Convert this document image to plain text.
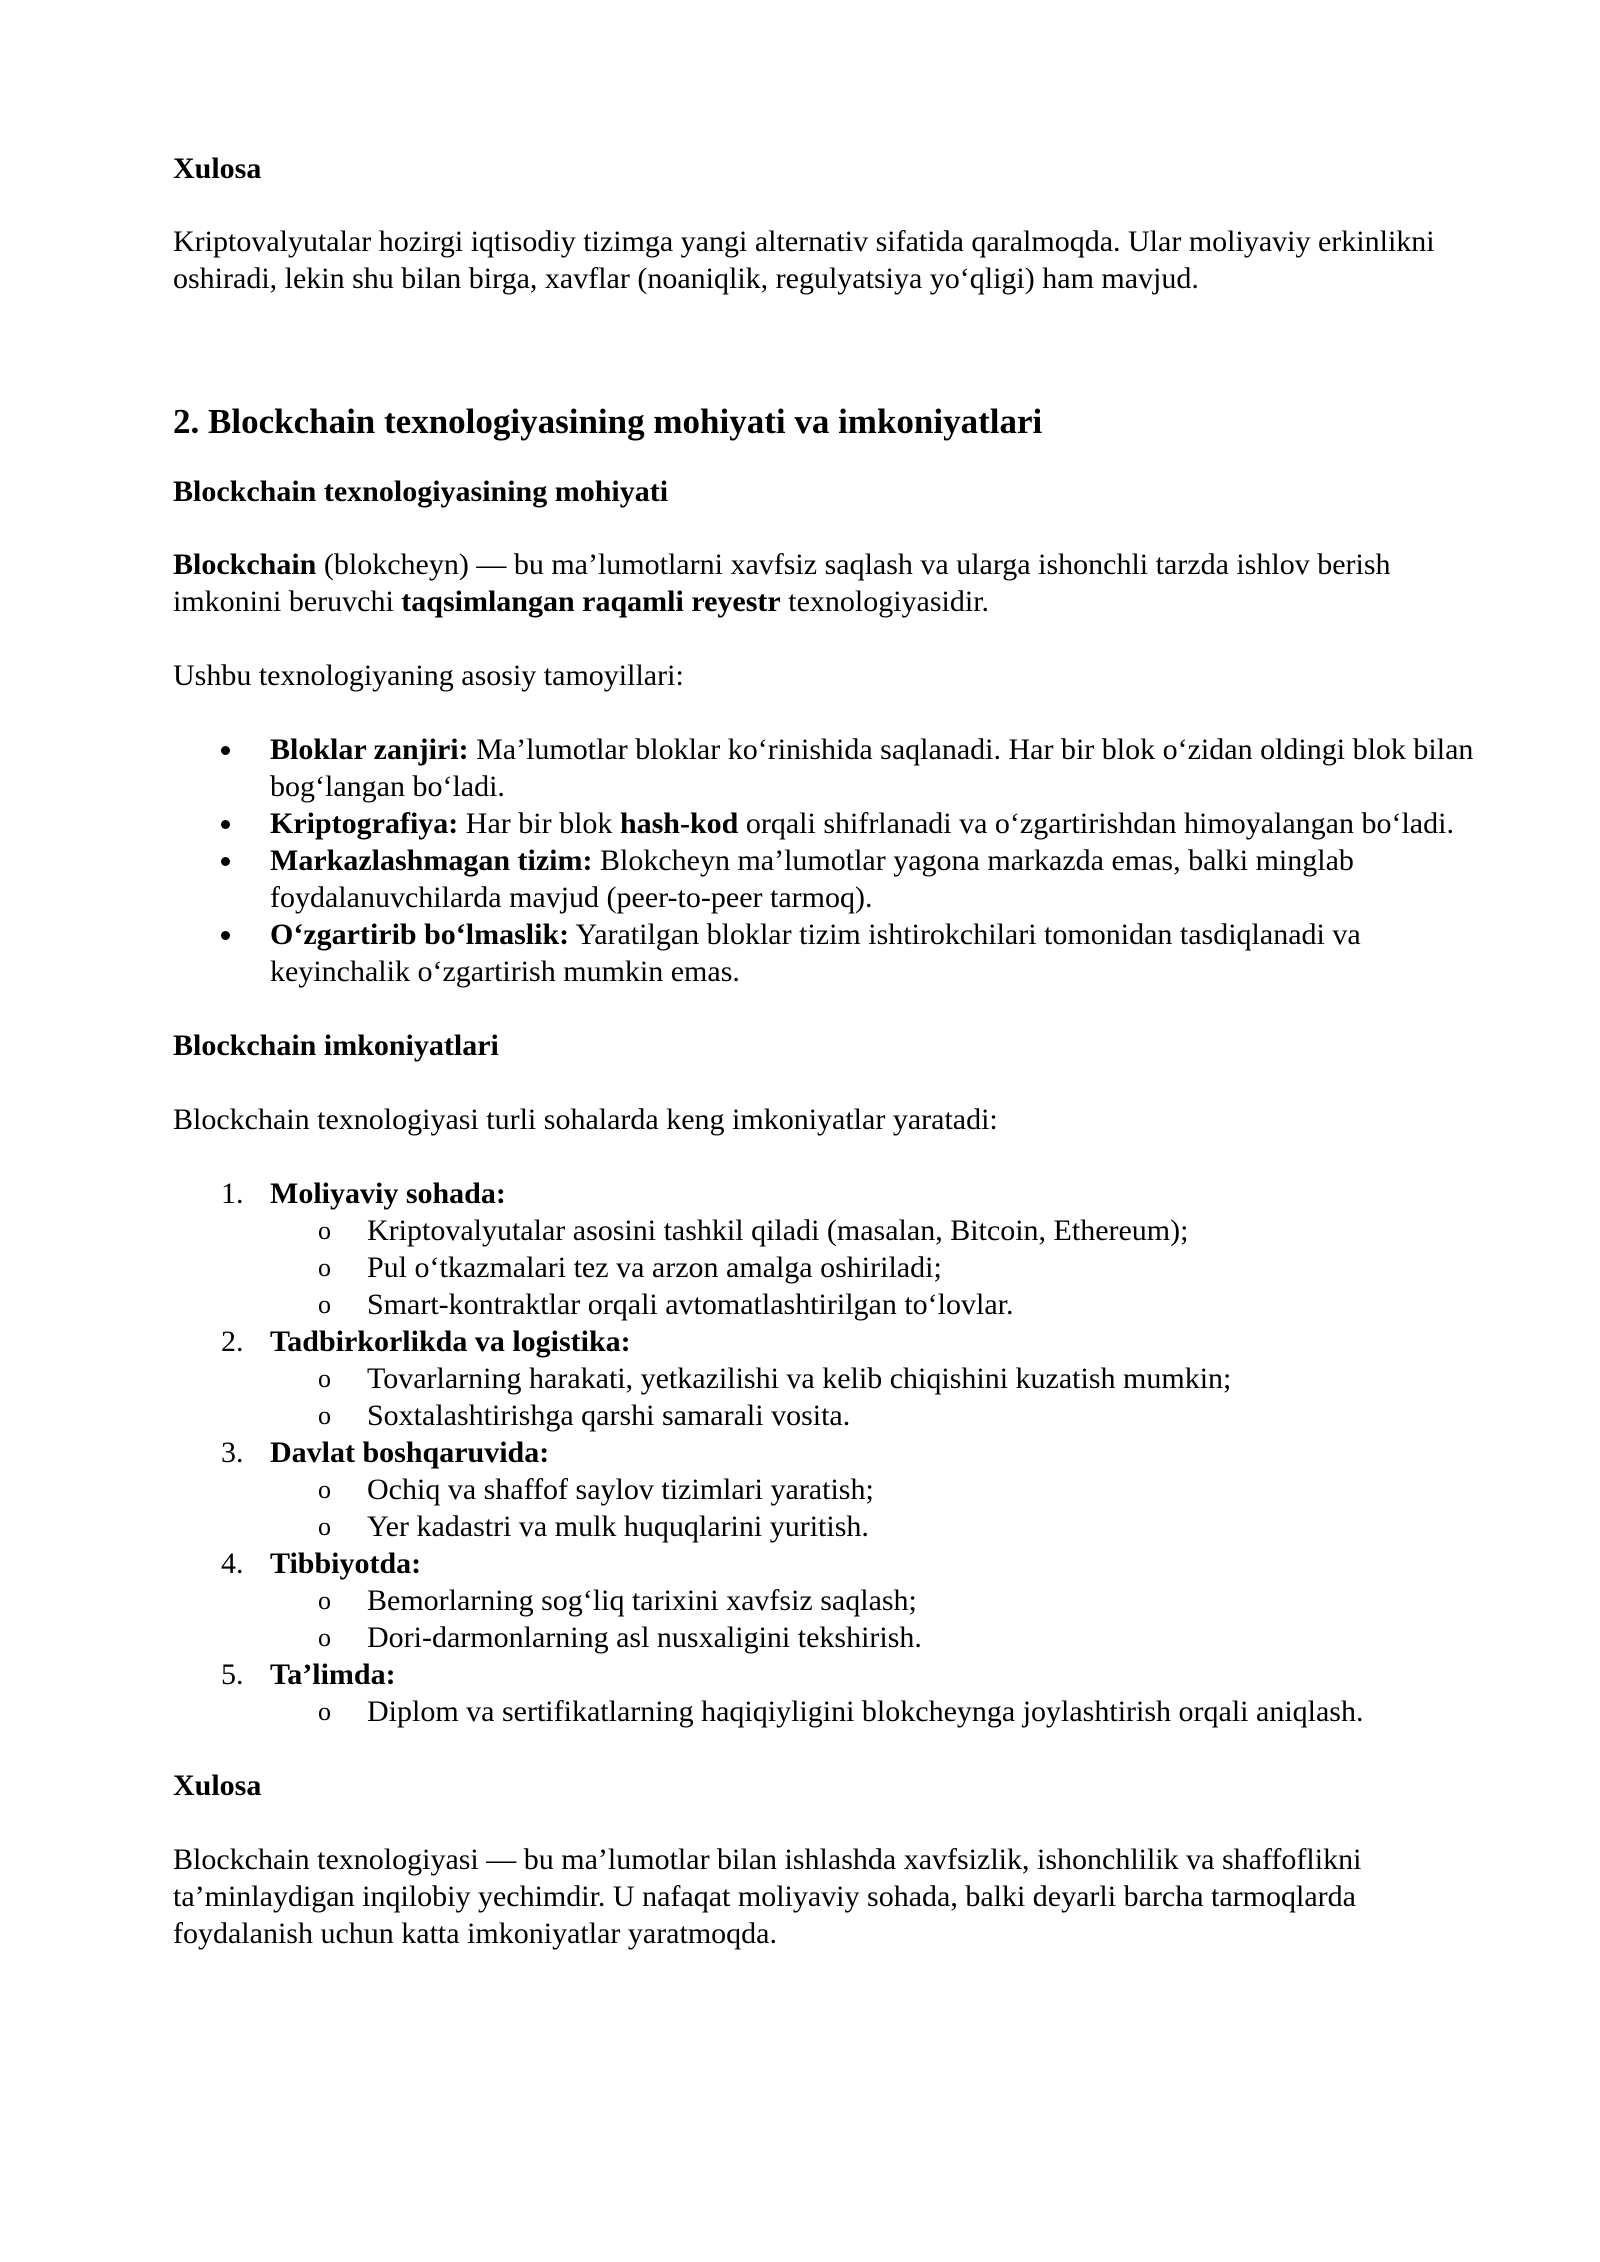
Xulosa

Kriptovalyutalar hozirgi iqtisodiy tizimga yangi alternativ sifatida qaralmoqda. Ular moliyaviy erkinlikni oshiradi, lekin shu bilan birga, xavflar (noaniqlik, regulyatsiya yo‘qligi) ham mavjud.

2. Blockchain texnologiyasining mohiyati va imkoniyatlari
Blockchain texnologiyasining mohiyati

Blockchain (blokcheyn) — bu ma’lumotlarni xavfsiz saqlash va ularga ishonchli tarzda ishlov berish imkonini beruvchi taqsimlangan raqamli reyestr texnologiyasidir.

Ushbu texnologiyaning asosiy tamoyillari:

Bloklar zanjiri: Ma’lumotlar bloklar ko‘rinishida saqlanadi. Har bir blok o‘zidan oldingi blok bilan bog‘langan bo‘ladi.
Kriptografiya: Har bir blok hash-kod orqali shifrlanadi va o‘zgartirishdan himoyalangan bo‘ladi.
Markazlashmagan tizim: Blokcheyn ma’lumotlar yagona markazda emas, balki minglab foydalanuvchilarda mavjud (peer-to-peer tarmoq).
O‘zgartirib bo‘lmaslik: Yaratilgan bloklar tizim ishtirokchilari tomonidan tasdiqlanadi va keyinchalik o‘zgartirish mumkin emas.
Blockchain imkoniyatlari

Blockchain texnologiyasi turli sohalarda keng imkoniyatlar yaratadi:

1. Moliyaviy sohada:
o Kriptovalyutalar asosini tashkil qiladi (masalan, Bitcoin, Ethereum);
o Pul o‘tkazmalari tez va arzon amalga oshiriladi;
o Smart-kontraktlar orqali avtomatlashtirilgan to‘lovlar.
2. Tadbirkorlikda va logistika:
o Tovarlarning harakati, yetkazilishi va kelib chiqishini kuzatish mumkin;
o Soxtalashtirishga qarshi samarali vosita.
3. Davlat boshqaruvida:
o Ochiq va shaffof saylov tizimlari yaratish;
o Yer kadastri va mulk huquqlarini yuritish.
4. Tibbiyotda:
o Bemorlarning sog‘liq tarixini xavfsiz saqlash;
o Dori-darmonlarning asl nusxaligini tekshirish.
5. Ta’limda:
o Diplom va sertifikatlarning haqiqiyligini blokcheynga joylashtirish orqali aniqlash.
Xulosa

Blockchain texnologiyasi — bu ma’lumotlar bilan ishlashda xavfsizlik, ishonchlilik va shaffoflikni ta’minlaydigan inqilobiy yechimdir. U nafaqat moliyaviy sohada, balki deyarli barcha tarmoqlarda foydalanish uchun katta imkoniyatlar yaratmoqda.
